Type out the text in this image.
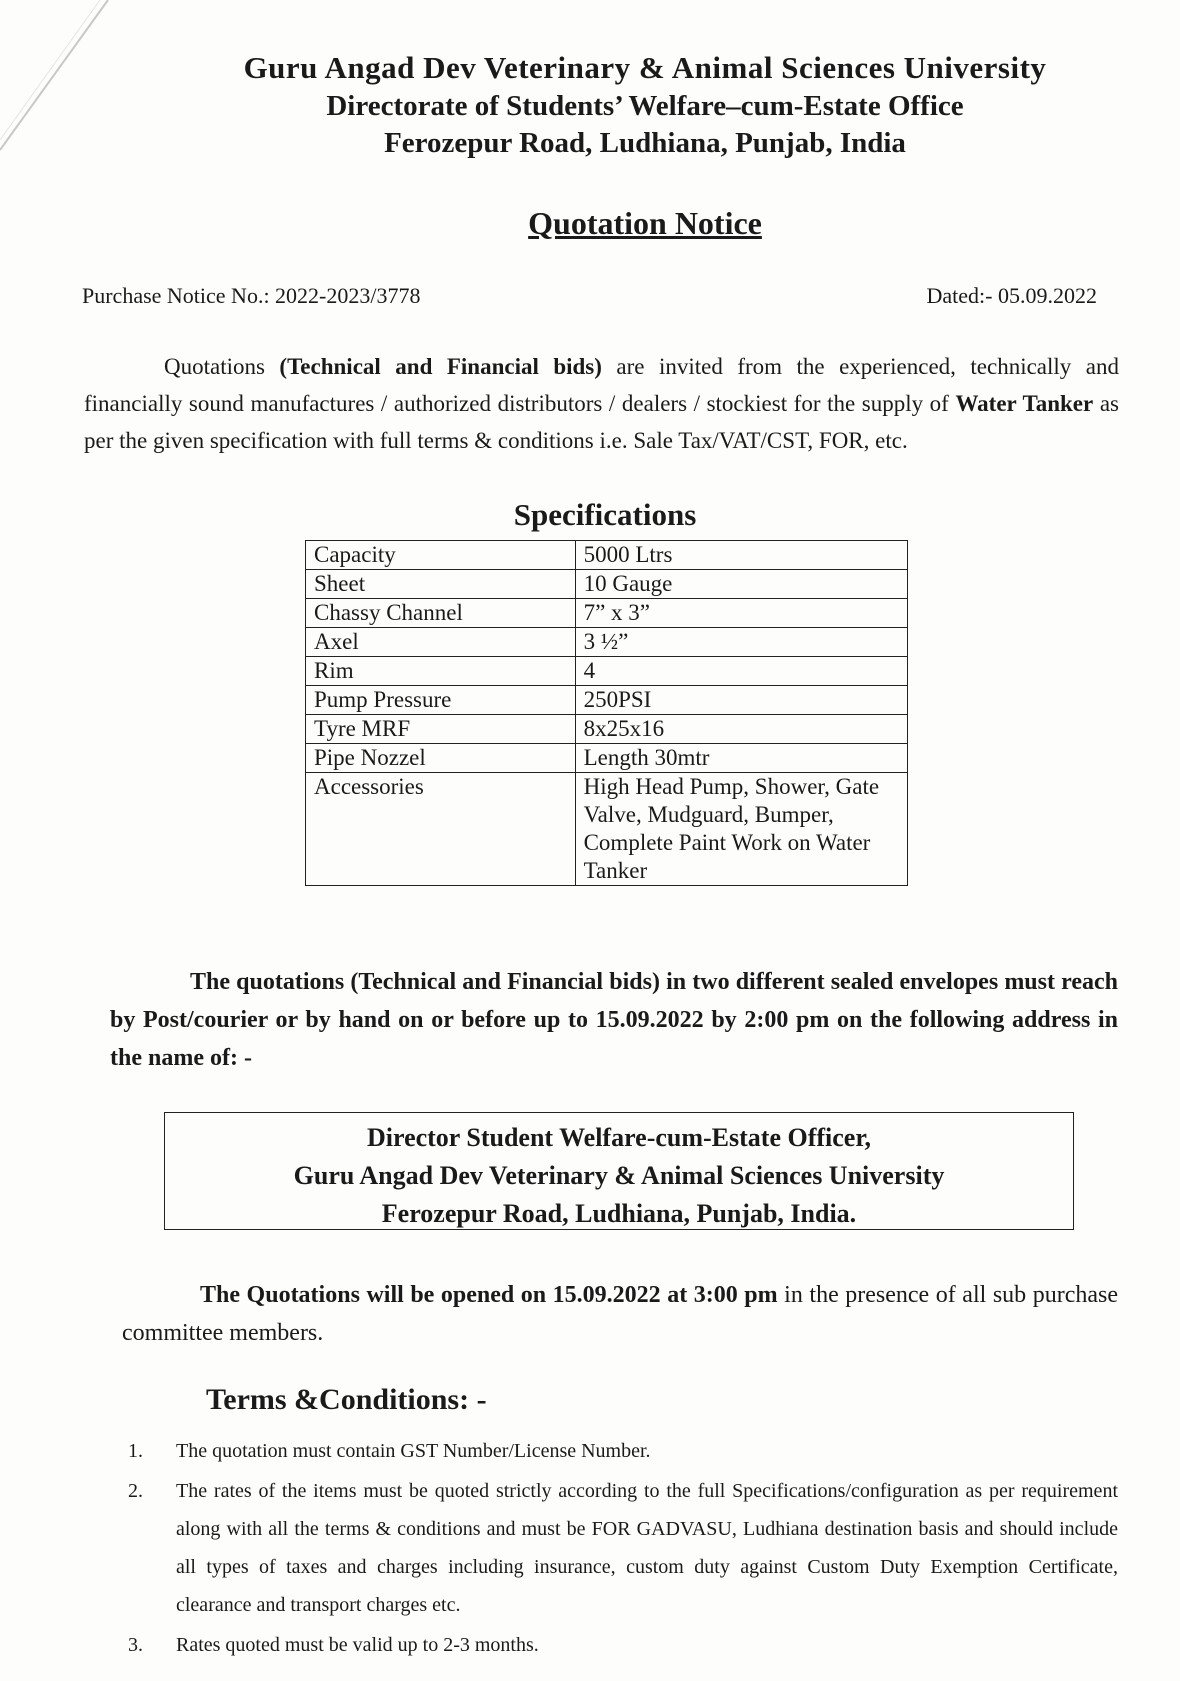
Guru Angad Dev Veterinary & Animal Sciences University
Directorate of Students’ Welfare–cum-Estate Office
Ferozepur Road, Ludhiana, Punjab, India
Quotation Notice
Purchase Notice No.: 2022-2023/3778	Dated:- 05.09.2022
Quotations (Technical and Financial bids) are invited from the experienced, technically and financially sound manufactures / authorized distributors / dealers / stockiest for the supply of Water Tanker as per the given specification with full terms & conditions i.e. Sale Tax/VAT/CST, FOR, etc.
Specifications
Capacity	5000 Ltrs
Sheet	10 Gauge
Chassy Channel	7” x 3”
Axel	3 ½”
Rim	4
Pump Pressure	250PSI
Tyre MRF	8x25x16
Pipe Nozzel	Length 30mtr
Accessories	High Head Pump, Shower, Gate Valve, Mudguard, Bumper, Complete Paint Work on Water Tanker
The quotations (Technical and Financial bids) in two different sealed envelopes must reach by Post/courier or by hand on or before up to 15.09.2022 by 2:00 pm on the following address in the name of: -
Director Student Welfare-cum-Estate Officer,
Guru Angad Dev Veterinary & Animal Sciences University
Ferozepur Road, Ludhiana, Punjab, India.
The Quotations will be opened on 15.09.2022 at 3:00 pm in the presence of all sub purchase committee members.
Terms &Conditions: -
1. The quotation must contain GST Number/License Number.
2. The rates of the items must be quoted strictly according to the full Specifications/configuration as per requirement along with all the terms & conditions and must be FOR GADVASU, Ludhiana destination basis and should include all types of taxes and charges including insurance, custom duty against Custom Duty Exemption Certificate, clearance and transport charges etc.
3. Rates quoted must be valid up to 2-3 months.
